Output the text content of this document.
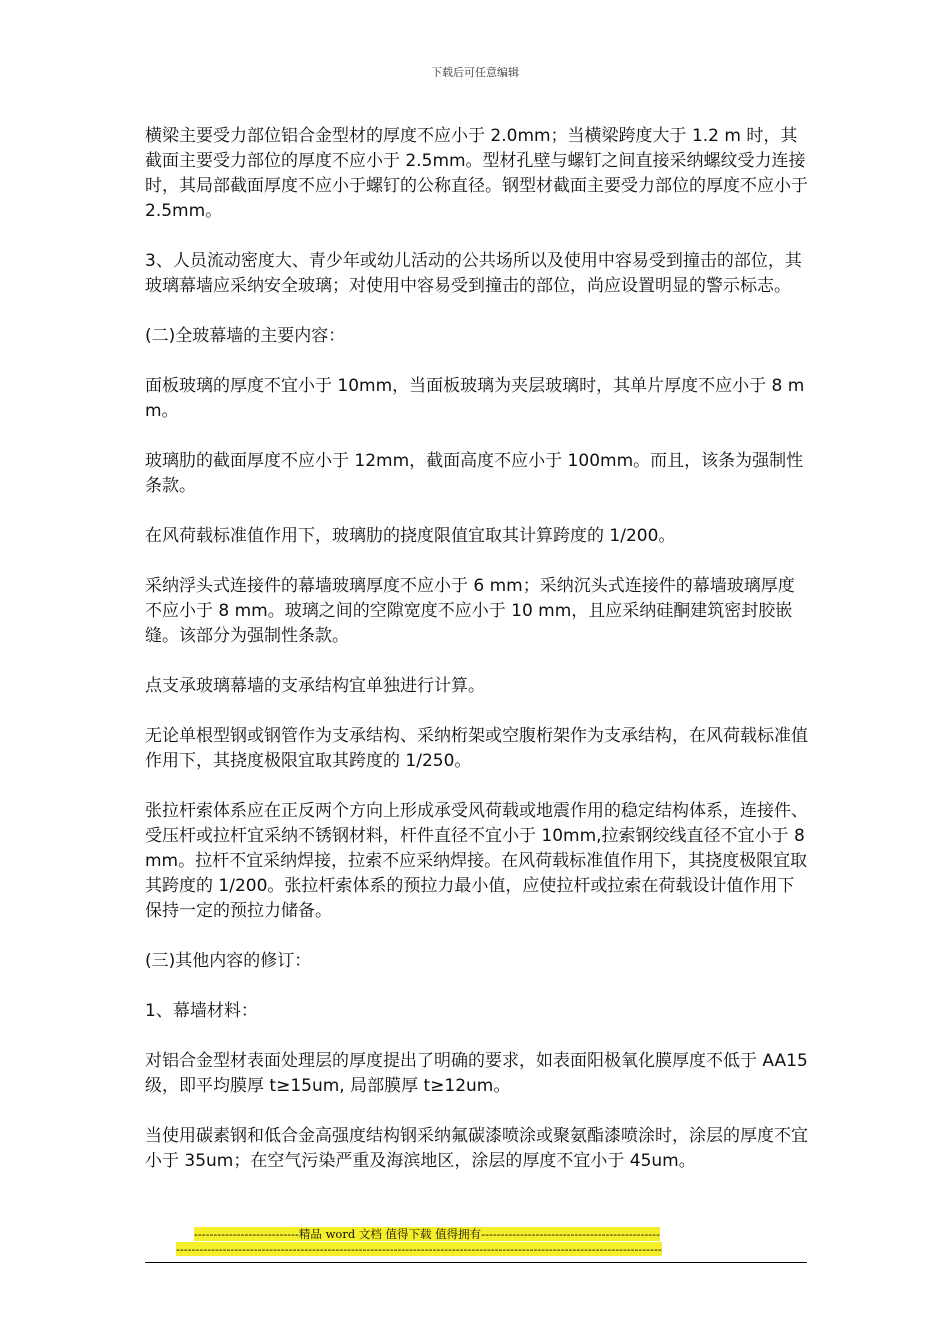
下载后可任意编辑

横梁主要受力部位铝合金型材的厚度不应小于 2.0mm；当横梁跨度大于 1.2 m 时，其截面主要受力部位的厚度不应小于 2.5mm。型材孔壁与螺钉之间直接采纳螺纹受力连接时，其局部截面厚度不应小于螺钉的公称直径。钢型材截面主要受力部位的厚度不应小于 2.5mm。

3、人员流动密度大、青少年或幼儿活动的公共场所以及使用中容易受到撞击的部位，其玻璃幕墙应采纳安全玻璃；对使用中容易受到撞击的部位，尚应设置明显的警示标志。

(二)全玻幕墙的主要内容：

面板玻璃的厚度不宜小于 10mm，当面板玻璃为夹层玻璃时，其单片厚度不应小于 8 mm。

玻璃肋的截面厚度不应小于 12mm，截面高度不应小于 100mm。而且，该条为强制性条款。

在风荷载标准值作用下，玻璃肋的挠度限值宜取其计算跨度的 1/200。

采纳浮头式连接件的幕墙玻璃厚度不应小于 6 mm；采纳沉头式连接件的幕墙玻璃厚度不应小于 8 mm。玻璃之间的空隙宽度不应小于 10 mm，且应采纳硅酮建筑密封胶嵌缝。该部分为强制性条款。

点支承玻璃幕墙的支承结构宜单独进行计算。

无论单根型钢或钢管作为支承结构、采纳桁架或空腹桁架作为支承结构，在风荷载标准值作用下，其挠度极限宜取其跨度的 1/250。

张拉杆索体系应在正反两个方向上形成承受风荷载或地震作用的稳定结构体系，连接件、受压杆或拉杆宜采纳不锈钢材料，杆件直径不宜小于 10mm,拉索钢绞线直径不宜小于 8 mm。拉杆不宜采纳焊接，拉索不应采纳焊接。在风荷载标准值作用下，其挠度极限宜取其跨度的 1/200。张拉杆索体系的预拉力最小值，应使拉杆或拉索在荷载设计值作用下保持一定的预拉力储备。

(三)其他内容的修订：

1、幕墙材料：

对铝合金型材表面处理层的厚度提出了明确的要求，如表面阳极氧化膜厚度不低于 AA15 级，即平均膜厚 t≥15um, 局部膜厚 t≥12um。

当使用碳素钢和低合金高强度结构钢采纳氟碳漆喷涂或聚氨酯漆喷涂时，涂层的厚度不宜小于 35um；在空气污染严重及海滨地区，涂层的厚度不宜小于 45um。

---------------------------精品 word 文档 值得下载 值得拥有----------------------------------------------
-----------------------------------------------------------------------------------------------------------------------------
